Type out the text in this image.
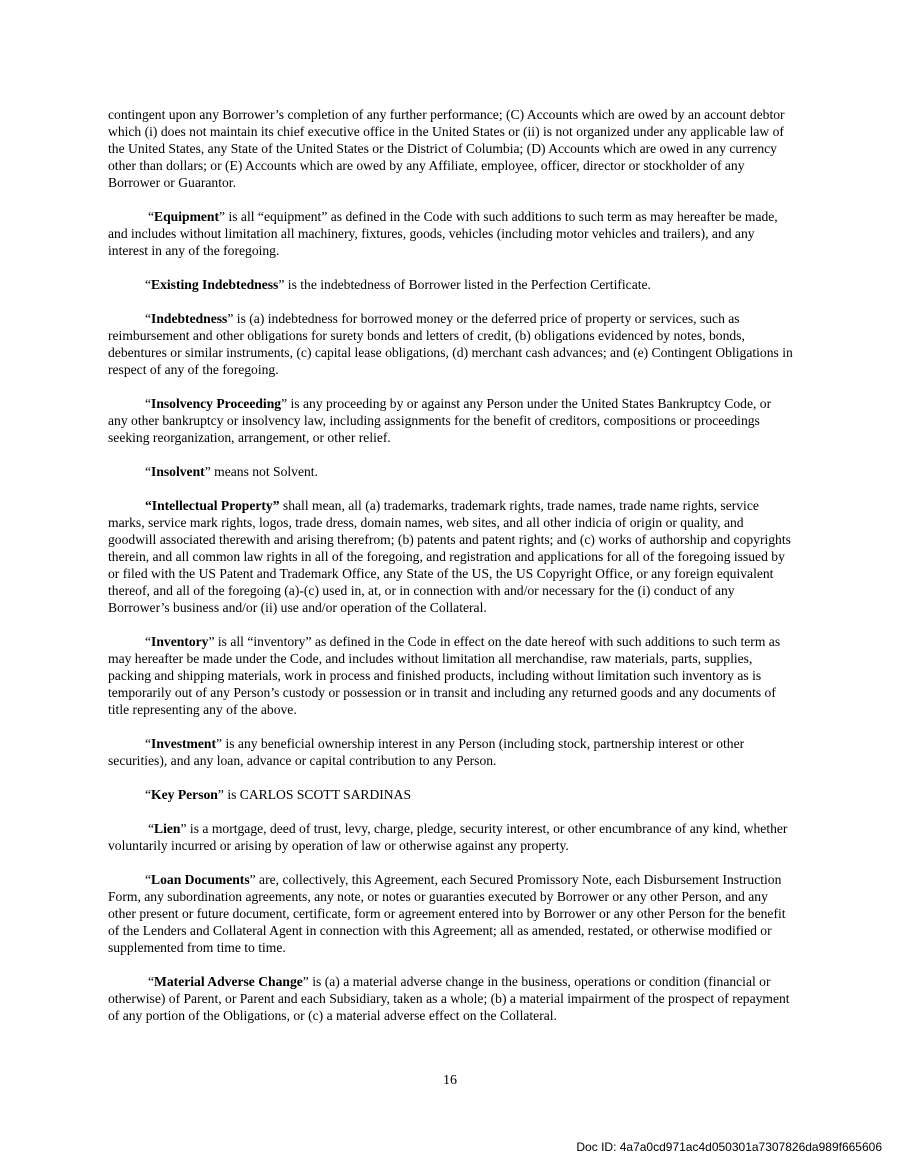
contingent upon any Borrower’s completion of any further performance; (C) Accounts which are owed by an account debtor which (i) does not maintain its chief executive office in the United States or (ii) is not organized under any applicable law of the United States, any State of the United States or the District of Columbia; (D) Accounts which are owed in any currency other than dollars; or (E) Accounts which are owed by any Affiliate, employee, officer, director or stockholder of any Borrower or Guarantor.

“Equipment” is all “equipment” as defined in the Code with such additions to such term as may hereafter be made, and includes without limitation all machinery, fixtures, goods, vehicles (including motor vehicles and trailers), and any interest in any of the foregoing.

“Existing Indebtedness” is the indebtedness of Borrower listed in the Perfection Certificate.

“Indebtedness” is (a) indebtedness for borrowed money or the deferred price of property or services, such as reimbursement and other obligations for surety bonds and letters of credit, (b) obligations evidenced by notes, bonds, debentures or similar instruments, (c) capital lease obligations, (d) merchant cash advances; and (e) Contingent Obligations in respect of any of the foregoing.

“Insolvency Proceeding” is any proceeding by or against any Person under the United States Bankruptcy Code, or any other bankruptcy or insolvency law, including assignments for the benefit of creditors, compositions or proceedings seeking reorganization, arrangement, or other relief.

“Insolvent” means not Solvent.

“Intellectual Property” shall mean, all (a) trademarks, trademark rights, trade names, trade name rights, service marks, service mark rights, logos, trade dress, domain names, web sites, and all other indicia of origin or quality, and goodwill associated therewith and arising therefrom; (b) patents and patent rights; and (c) works of authorship and copyrights therein, and all common law rights in all of the foregoing, and registration and applications for all of the foregoing issued by or filed with the US Patent and Trademark Office, any State of the US, the US Copyright Office, or any foreign equivalent thereof, and all of the foregoing (a)-(c) used in, at, or in connection with and/or necessary for the (i) conduct of any Borrower’s business and/or (ii) use and/or operation of the Collateral.

“Inventory” is all “inventory” as defined in the Code in effect on the date hereof with such additions to such term as may hereafter be made under the Code, and includes without limitation all merchandise, raw materials, parts, supplies, packing and shipping materials, work in process and finished products, including without limitation such inventory as is temporarily out of any Person’s custody or possession or in transit and including any returned goods and any documents of title representing any of the above.

“Investment” is any beneficial ownership interest in any Person (including stock, partnership interest or other securities), and any loan, advance or capital contribution to any Person.

“Key Person” is CARLOS SCOTT SARDINAS

“Lien” is a mortgage, deed of trust, levy, charge, pledge, security interest, or other encumbrance of any kind, whether voluntarily incurred or arising by operation of law or otherwise against any property.

“Loan Documents” are, collectively, this Agreement, each Secured Promissory Note, each Disbursement Instruction Form, any subordination agreements, any note, or notes or guaranties executed by Borrower or any other Person, and any other present or future document, certificate, form or agreement entered into by Borrower or any other Person for the benefit of the Lenders and Collateral Agent in connection with this Agreement; all as amended, restated, or otherwise modified or supplemented from time to time.

“Material Adverse Change” is (a) a material adverse change in the business, operations or condition (financial or otherwise) of Parent, or Parent and each Subsidiary, taken as a whole; (b) a material impairment of the prospect of repayment of any portion of the Obligations, or (c) a material adverse effect on the Collateral.

16
Doc ID: 4a7a0cd971ac4d050301a7307826da989f665606
